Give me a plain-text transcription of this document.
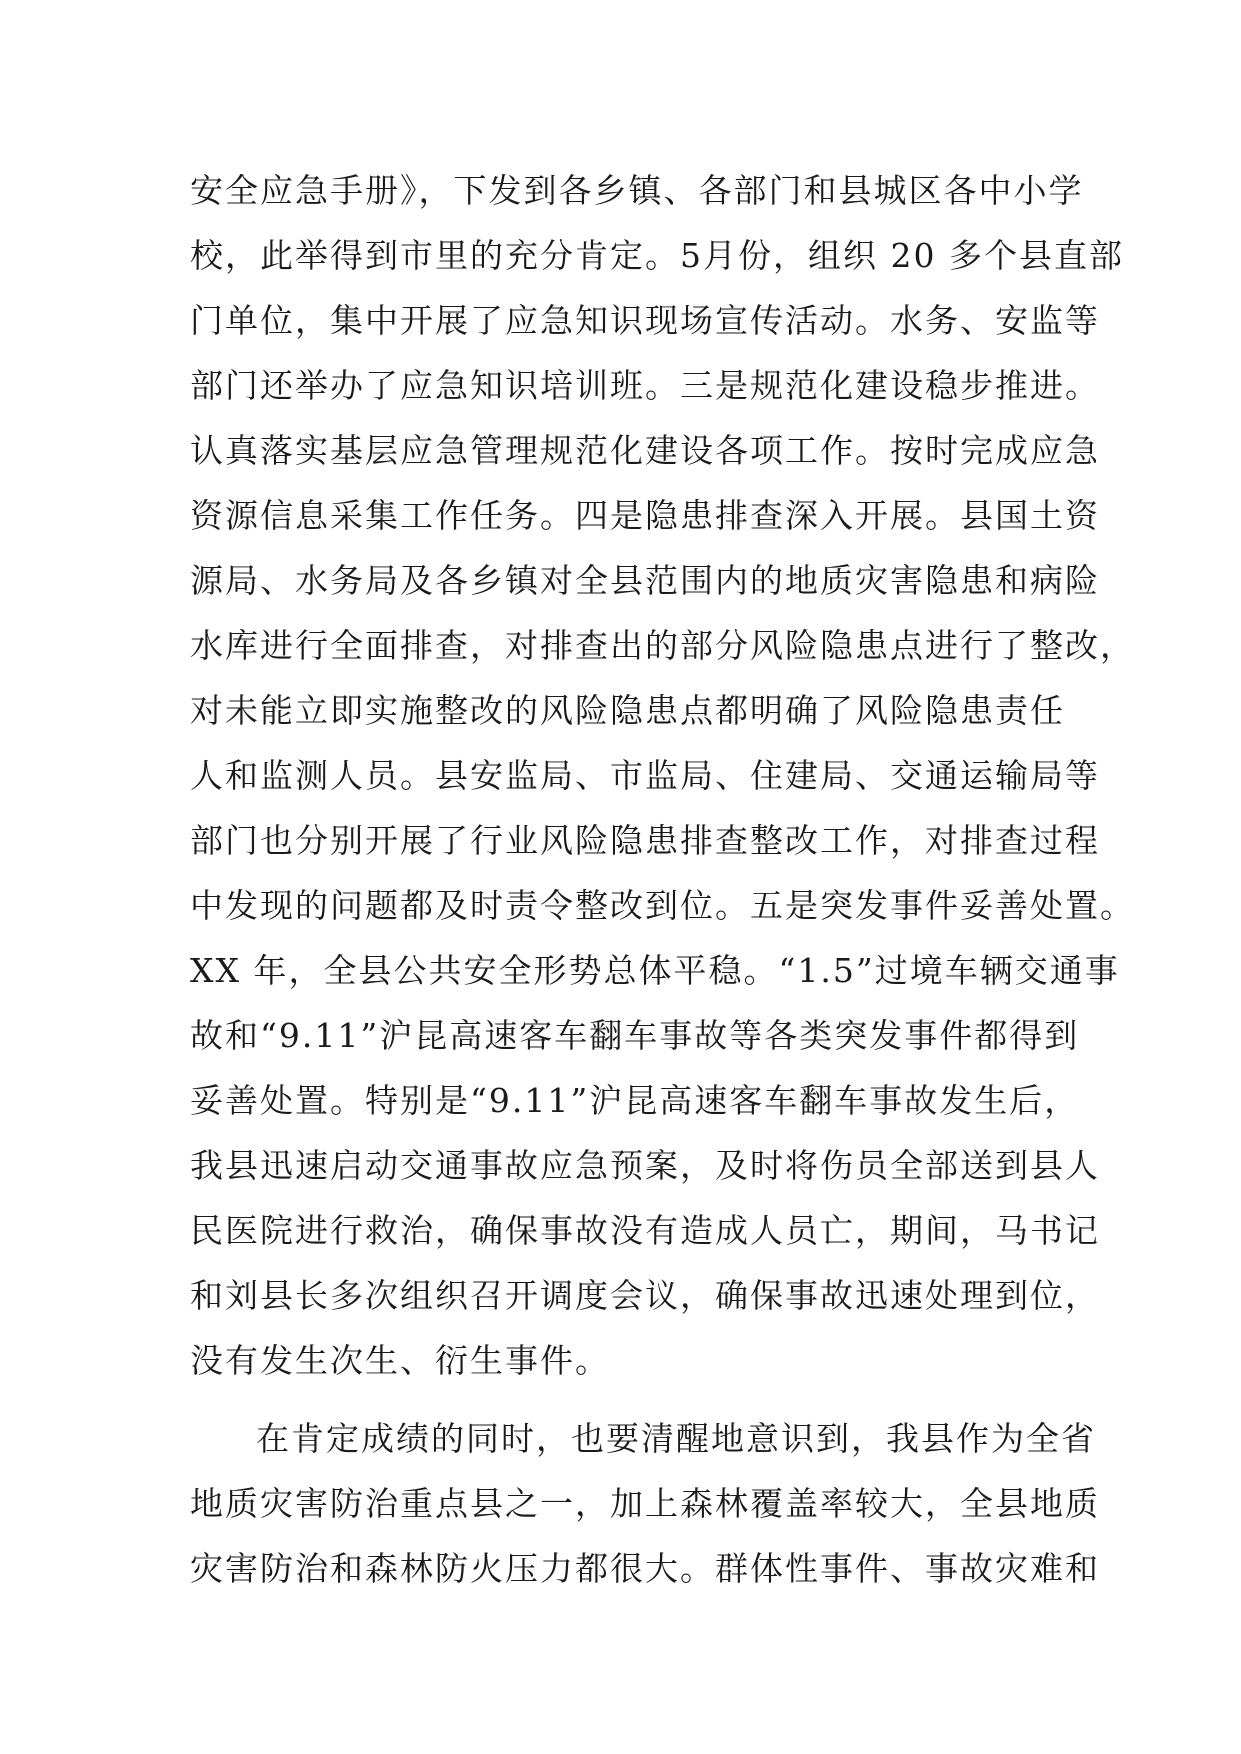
安全应急手册》，下发到各乡镇、各部门和县城区各中小学
校，此举得到市里的充分肯定。5月份，组织 20 多个县直部
门单位，集中开展了应急知识现场宣传活动。水务、安监等
部门还举办了应急知识培训班。三是规范化建设稳步推进。
认真落实基层应急管理规范化建设各项工作。按时完成应急
资源信息采集工作任务。四是隐患排查深入开展。县国土资
源局、水务局及各乡镇对全县范围内的地质灾害隐患和病险
水库进行全面排查，对排查出的部分风险隐患点进行了整改，
对未能立即实施整改的风险隐患点都明确了风险隐患责任
人和监测人员。县安监局、市监局、住建局、交通运输局等
部门也分别开展了行业风险隐患排查整改工作，对排查过程
中发现的问题都及时责令整改到位。五是突发事件妥善处置。
XX 年，全县公共安全形势总体平稳。“1.5”过境车辆交通事
故和“9.11”沪昆高速客车翻车事故等各类突发事件都得到
妥善处置。特别是“9.11”沪昆高速客车翻车事故发生后，
我县迅速启动交通事故应急预案，及时将伤员全部送到县人
民医院进行救治，确保事故没有造成人员亡，期间，马书记
和刘县长多次组织召开调度会议，确保事故迅速处理到位，
没有发生次生、衍生事件。
在肯定成绩的同时，也要清醒地意识到，我县作为全省
地质灾害防治重点县之一，加上森林覆盖率较大，全县地质
灾害防治和森林防火压力都很大。群体性事件、事故灾难和
